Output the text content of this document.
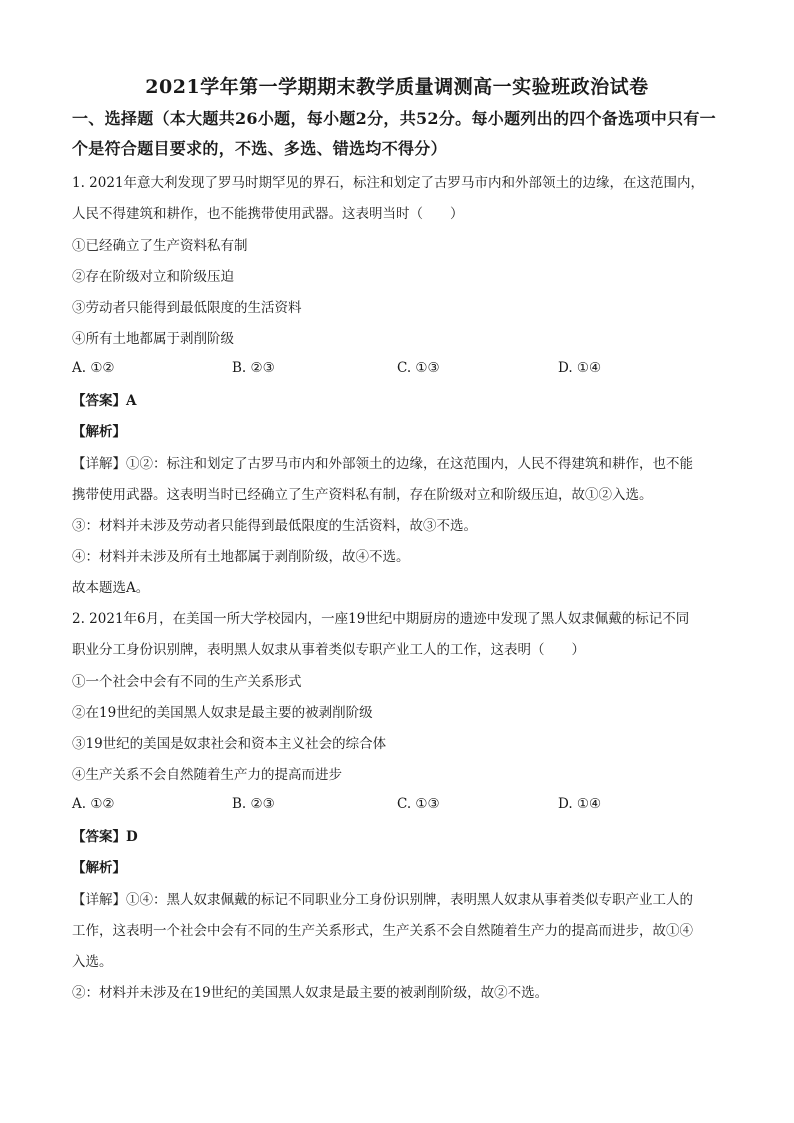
2021学年第一学期期末教学质量调测高一实验班政治试卷
一、选择题（本大题共26小题，每小题2分，共52分。每小题列出的四个备选项中只有一
个是符合题目要求的，不选、多选、错选均不得分）
1. 2021年意大利发现了罗马时期罕见的界石，标注和划定了古罗马市内和外部领土的边缘，在这范围内，
人民不得建筑和耕作，也不能携带使用武器。这表明当时（　　）
①已经确立了生产资料私有制
②存在阶级对立和阶级压迫
③劳动者只能得到最低限度的生活资料
④所有土地都属于剥削阶级
A. ①②	B. ②③	C. ①③	D. ①④
【答案】A
【解析】
【详解】①②：标注和划定了古罗马市内和外部领土的边缘，在这范围内，人民不得建筑和耕作，也不能
携带使用武器。这表明当时已经确立了生产资料私有制，存在阶级对立和阶级压迫，故①②入选。
③：材料并未涉及劳动者只能得到最低限度的生活资料，故③不选。
④：材料并未涉及所有土地都属于剥削阶级，故④不选。
故本题选A。
2. 2021年6月，在美国一所大学校园内，一座19世纪中期厨房的遗迹中发现了黑人奴隶佩戴的标记不同
职业分工身份识别牌，表明黑人奴隶从事着类似专职产业工人的工作，这表明（　　）
①一个社会中会有不同的生产关系形式
②在19世纪的美国黑人奴隶是最主要的被剥削阶级
③19世纪的美国是奴隶社会和资本主义社会的综合体
④生产关系不会自然随着生产力的提高而进步
A. ①②	B. ②③	C. ①③	D. ①④
【答案】D
【解析】
【详解】①④：黑人奴隶佩戴的标记不同职业分工身份识别牌，表明黑人奴隶从事着类似专职产业工人的
工作，这表明一个社会中会有不同的生产关系形式，生产关系不会自然随着生产力的提高而进步，故①④
入选。
②：材料并未涉及在19世纪的美国黑人奴隶是最主要的被剥削阶级，故②不选。
